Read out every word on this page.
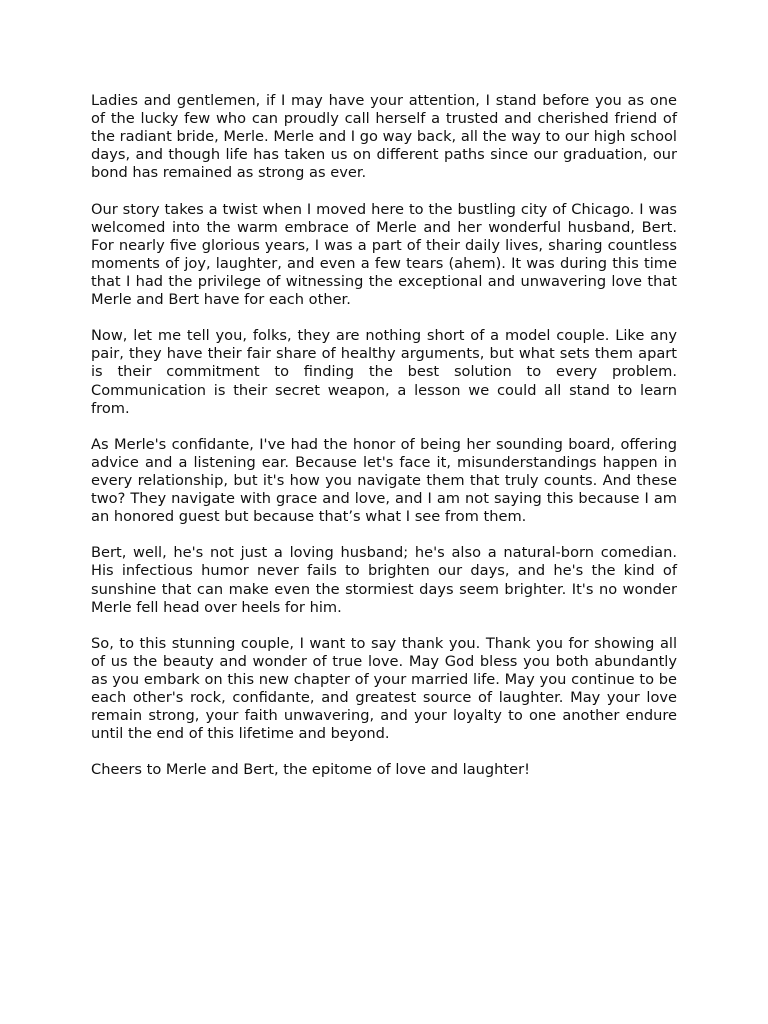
Ladies and gentlemen, if I may have your attention, I stand before you as one of the lucky few who can proudly call herself a trusted and cherished friend of the radiant bride, Merle. Merle and I go way back, all the way to our high school days, and though life has taken us on different paths since our graduation, our bond has remained as strong as ever.

Our story takes a twist when I moved here to the bustling city of Chicago. I was welcomed into the warm embrace of Merle and her wonderful husband, Bert. For nearly five glorious years, I was a part of their daily lives, sharing countless moments of joy, laughter, and even a few tears (ahem). It was during this time that I had the privilege of witnessing the exceptional and unwavering love that Merle and Bert have for each other.

Now, let me tell you, folks, they are nothing short of a model couple. Like any pair, they have their fair share of healthy arguments, but what sets them apart is their commitment to finding the best solution to every problem. Communication is their secret weapon, a lesson we could all stand to learn from.

As Merle's confidante, I've had the honor of being her sounding board, offering advice and a listening ear. Because let's face it, misunderstandings happen in every relationship, but it's how you navigate them that truly counts. And these two? They navigate with grace and love, and I am not saying this because I am an honored guest but because that’s what I see from them.

Bert, well, he's not just a loving husband; he's also a natural-born comedian. His infectious humor never fails to brighten our days, and he's the kind of sunshine that can make even the stormiest days seem brighter. It's no wonder Merle fell head over heels for him.

So, to this stunning couple, I want to say thank you. Thank you for showing all of us the beauty and wonder of true love. May God bless you both abundantly as you embark on this new chapter of your married life. May you continue to be each other's rock, confidante, and greatest source of laughter. May your love remain strong, your faith unwavering, and your loyalty to one another endure until the end of this lifetime and beyond.

Cheers to Merle and Bert, the epitome of love and laughter!
